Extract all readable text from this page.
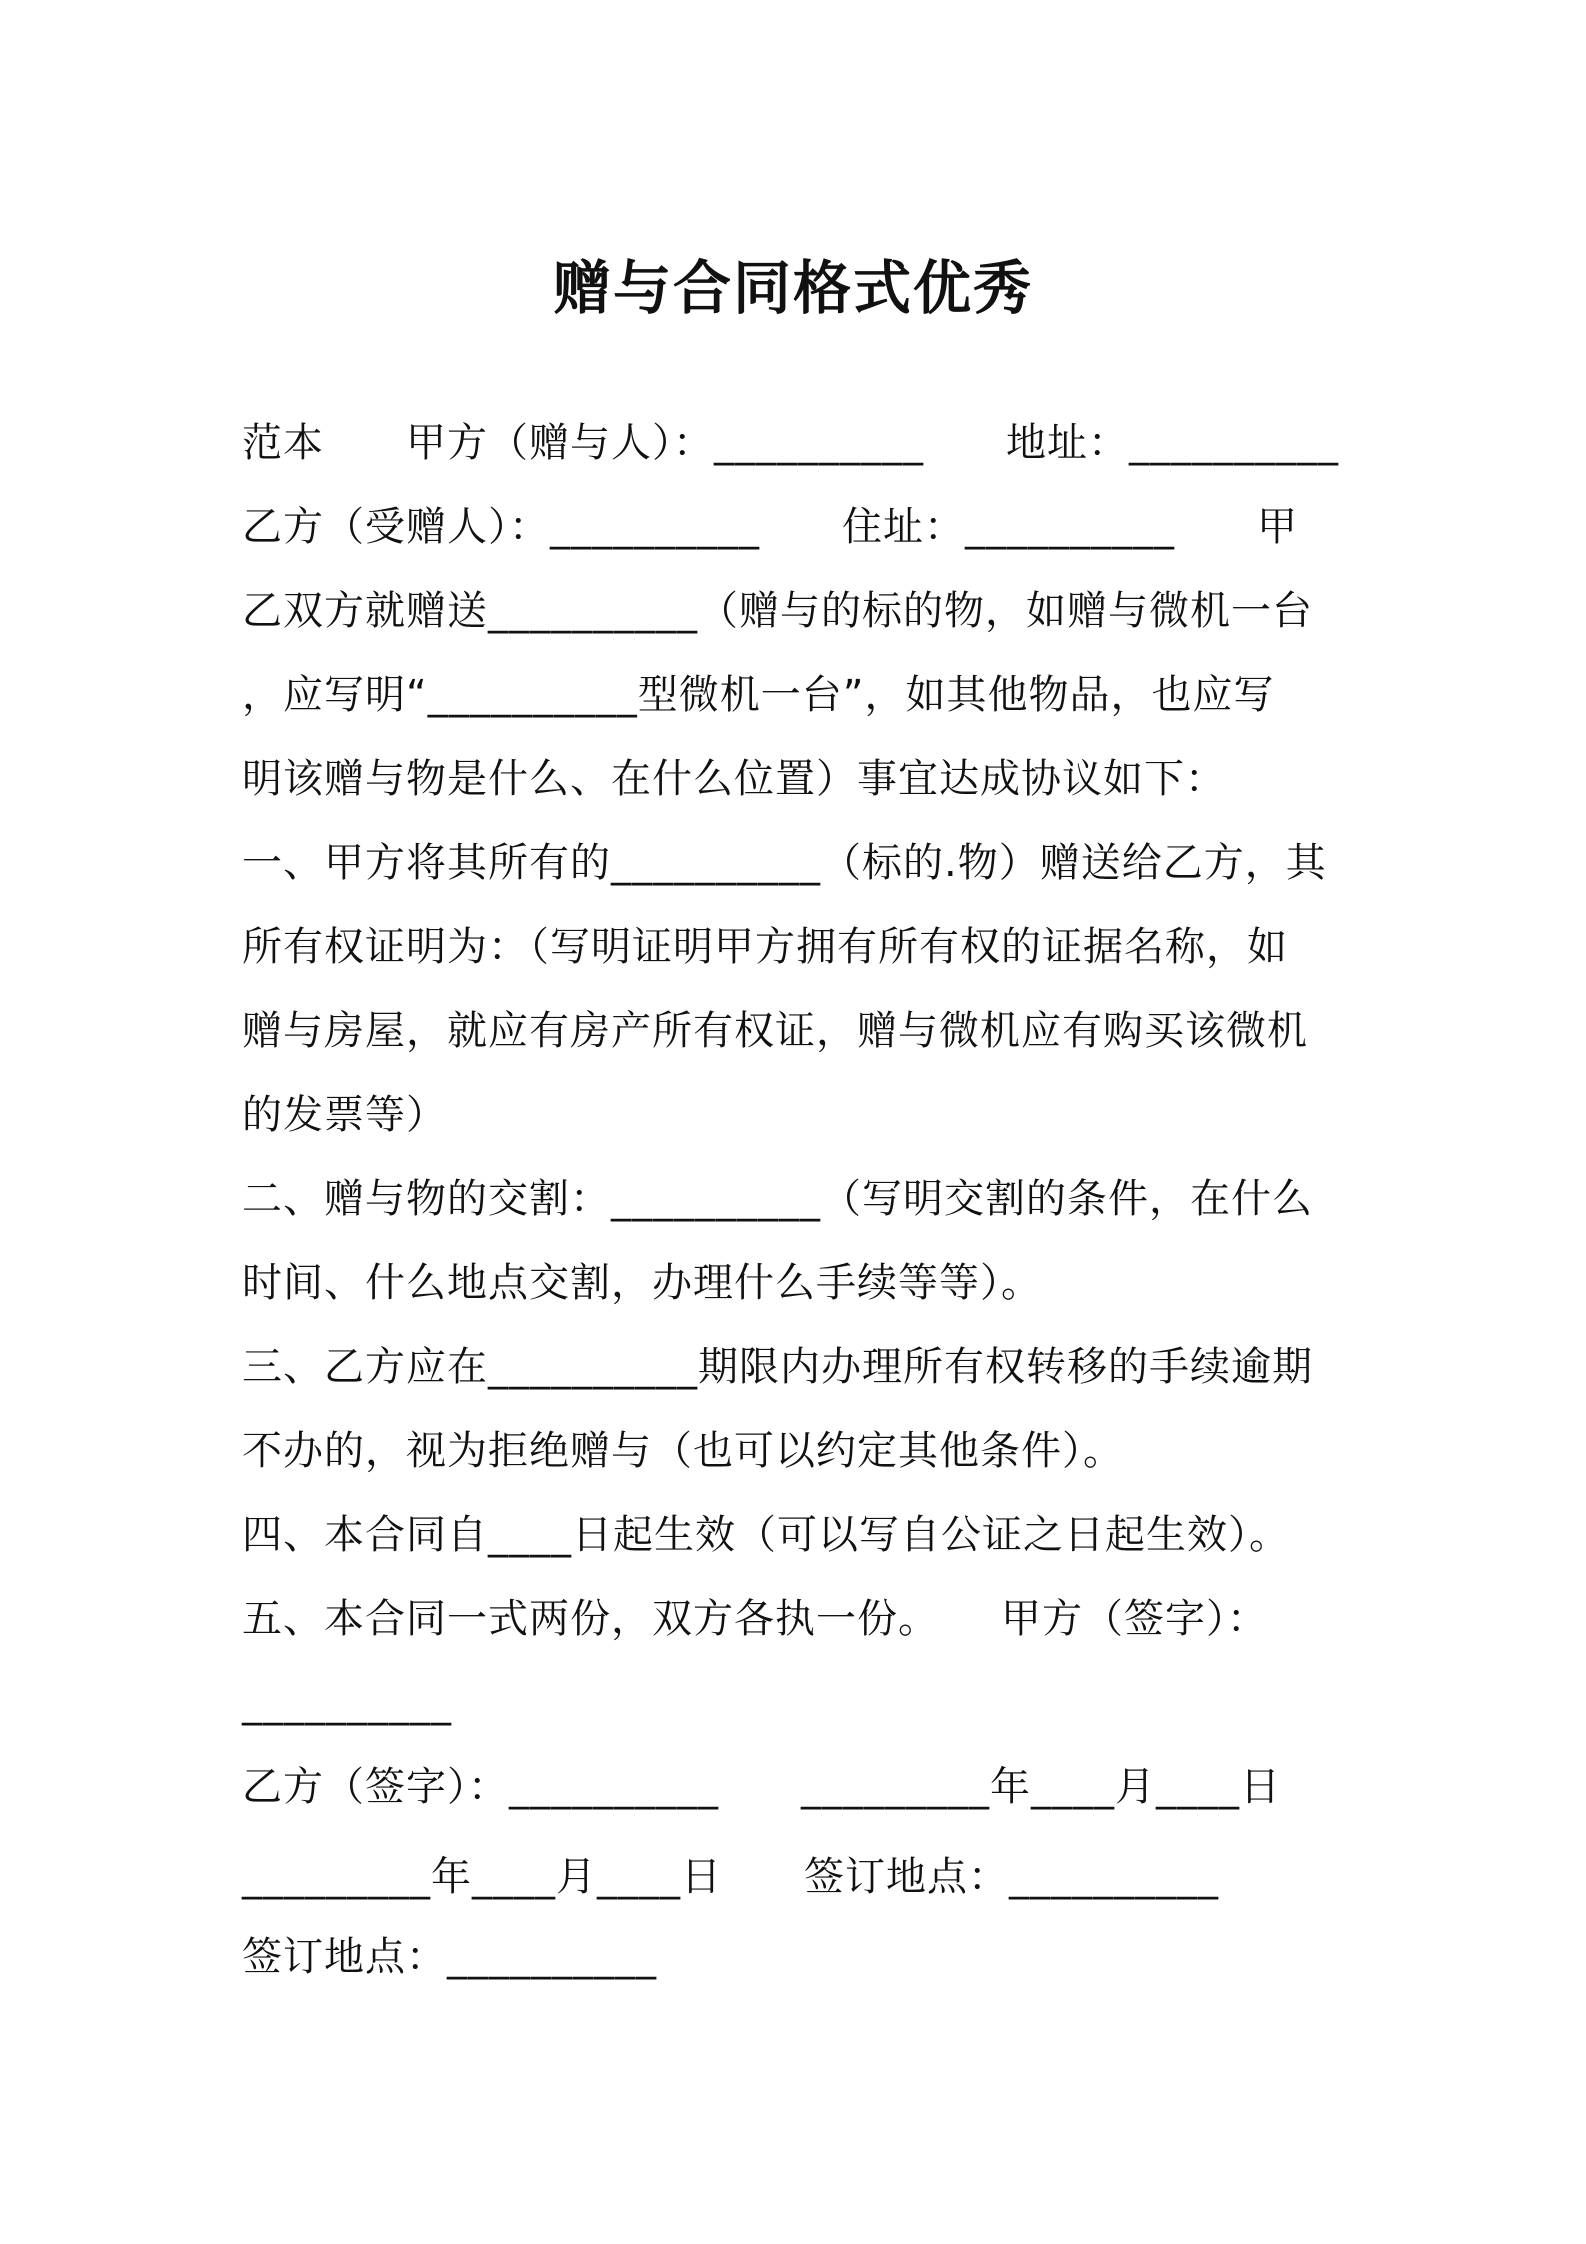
赠与合同格式优秀
范本　　甲方（赠与人）：__________　　地址：__________
乙方（受赠人）：__________　　住址：__________　　甲
乙双方就赠送__________（赠与的标的物，如赠与微机一台
，应写明“__________型微机一台”，如其他物品，也应写
明该赠与物是什么、在什么位置）事宜达成协议如下：
一、甲方将其所有的__________（标的.物）赠送给乙方，其
所有权证明为：（写明证明甲方拥有所有权的证据名称，如
赠与房屋，就应有房产所有权证，赠与微机应有购买该微机
的发票等）
二、赠与物的交割：__________（写明交割的条件，在什么
时间、什么地点交割，办理什么手续等等）。
三、乙方应在__________期限内办理所有权转移的手续逾期
不办的，视为拒绝赠与（也可以约定其他条件）。
四、本合同自____日起生效（可以写自公证之日起生效）。
五、本合同一式两份，双方各执一份。　　甲方（签字）：
__________
乙方（签字）：__________　　_________年____月____日
_________年____月____日　　签订地点：__________
签订地点：__________
